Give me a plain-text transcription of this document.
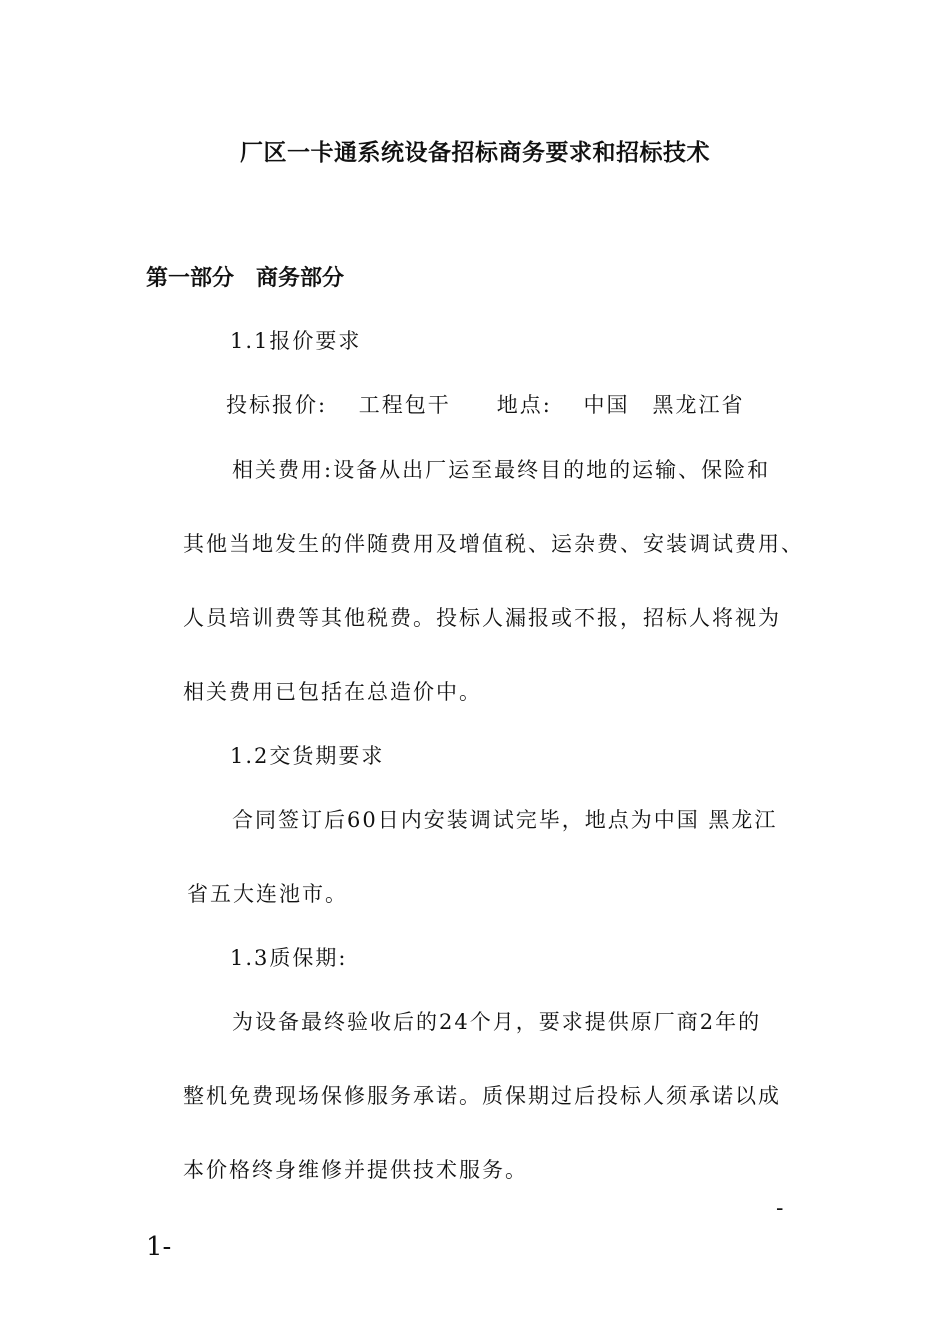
厂区一卡通系统设备招标商务要求和招标技术
第一部分　商务部分
1.1报价要求
投标报价:　 工程包干　　地点:　 中国　黑龙江省
相关费用:设备从出厂运至最终目的地的运输、保险和
其他当地发生的伴随费用及增值税、运杂费、安装调试费用、
人员培训费等其他税费。投标人漏报或不报，招标人将视为
相关费用已包括在总造价中。
1.2交货期要求
合同签订后60日内安装调试完毕，地点为中国 黑龙江
省五大连池市。
1.3质保期:
为设备最终验收后的24个月，要求提供原厂商2年的
整机免费现场保修服务承诺。质保期过后投标人须承诺以成
本价格终身维修并提供技术服务。
-
1-
